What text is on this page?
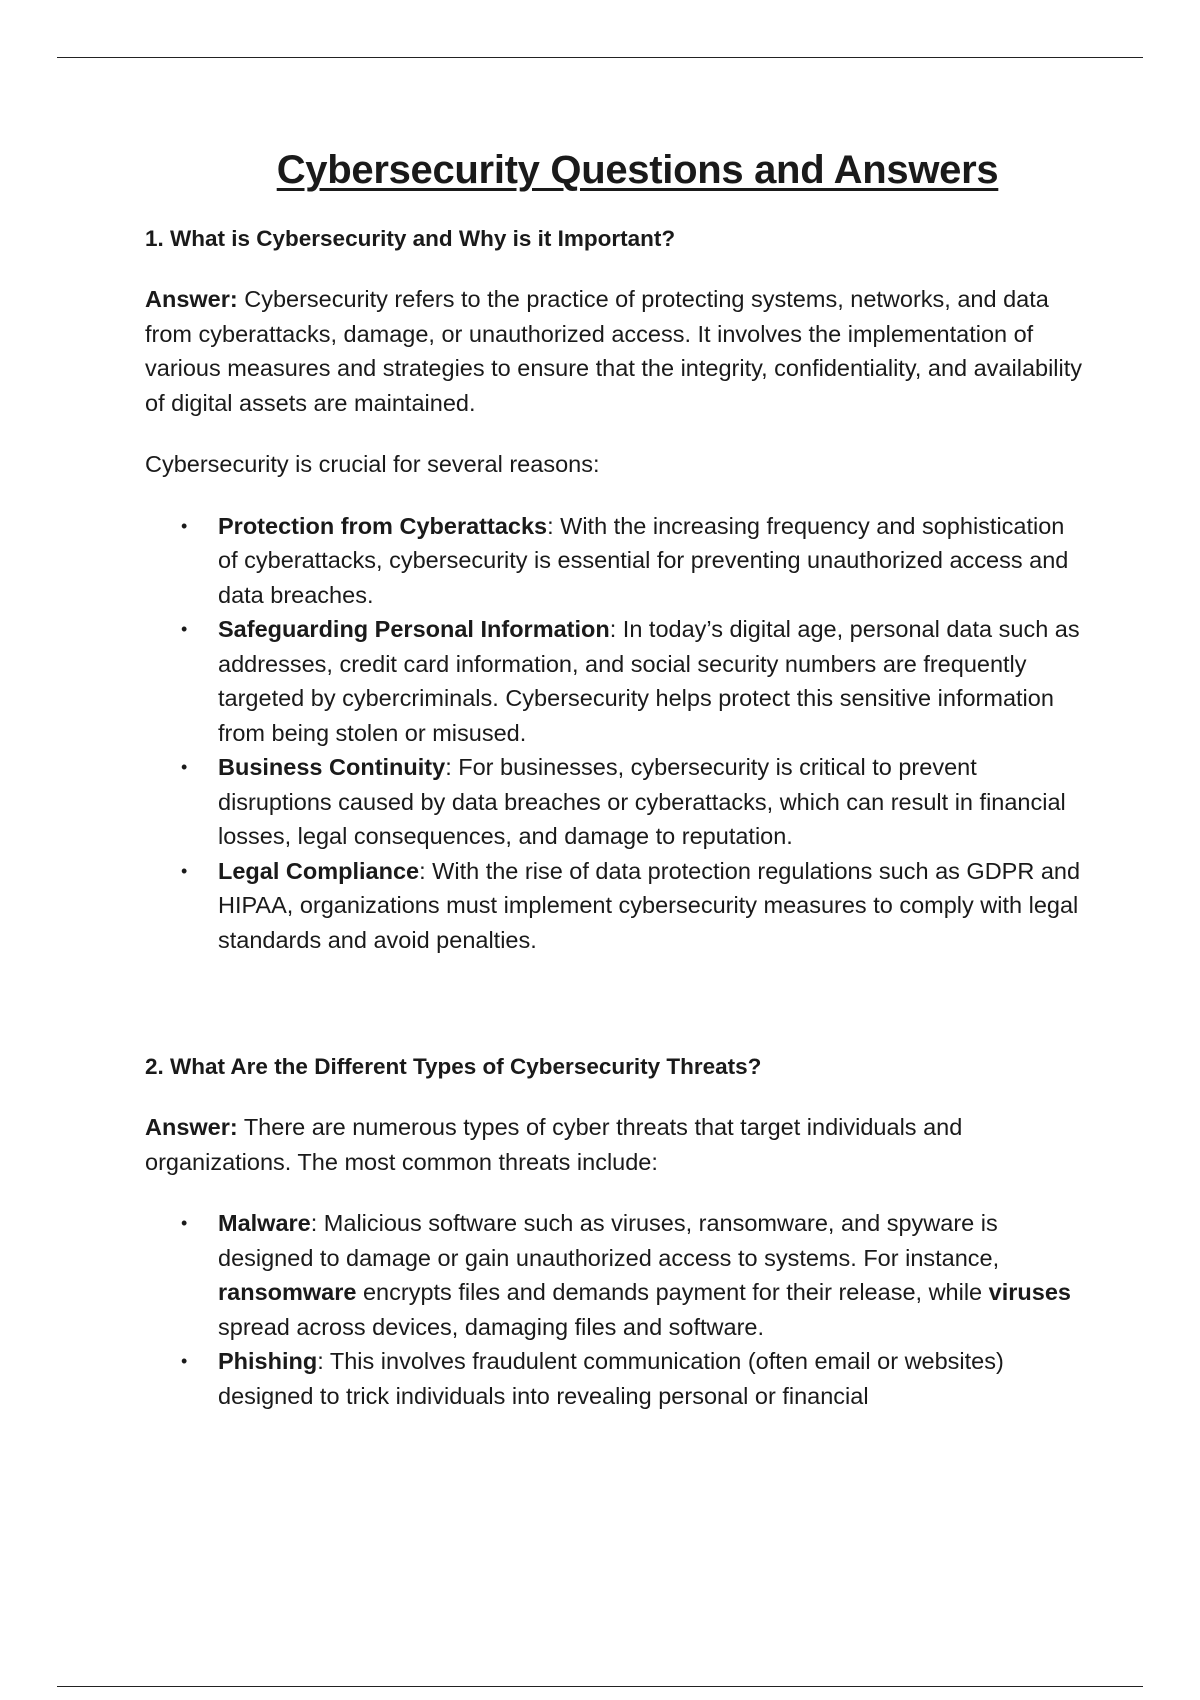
Cybersecurity Questions and Answers
1. What is Cybersecurity and Why is it Important?

Answer: Cybersecurity refers to the practice of protecting systems, networks, and data from cyberattacks, damage, or unauthorized access. It involves the implementation of various measures and strategies to ensure that the integrity, confidentiality, and availability of digital assets are maintained.

Cybersecurity is crucial for several reasons:

• Protection from Cyberattacks: With the increasing frequency and sophistication of cyberattacks, cybersecurity is essential for preventing unauthorized access and data breaches.
• Safeguarding Personal Information: In today’s digital age, personal data such as addresses, credit card information, and social security numbers are frequently targeted by cybercriminals. Cybersecurity helps protect this sensitive information from being stolen or misused.
• Business Continuity: For businesses, cybersecurity is critical to prevent disruptions caused by data breaches or cyberattacks, which can result in financial losses, legal consequences, and damage to reputation.
• Legal Compliance: With the rise of data protection regulations such as GDPR and HIPAA, organizations must implement cybersecurity measures to comply with legal standards and avoid penalties.
2. What Are the Different Types of Cybersecurity Threats?

Answer: There are numerous types of cyber threats that target individuals and organizations. The most common threats include:

• Malware: Malicious software such as viruses, ransomware, and spyware is designed to damage or gain unauthorized access to systems. For instance, ransomware encrypts files and demands payment for their release, while viruses spread across devices, damaging files and software.
• Phishing: This involves fraudulent communication (often email or websites) designed to trick individuals into revealing personal or financial
